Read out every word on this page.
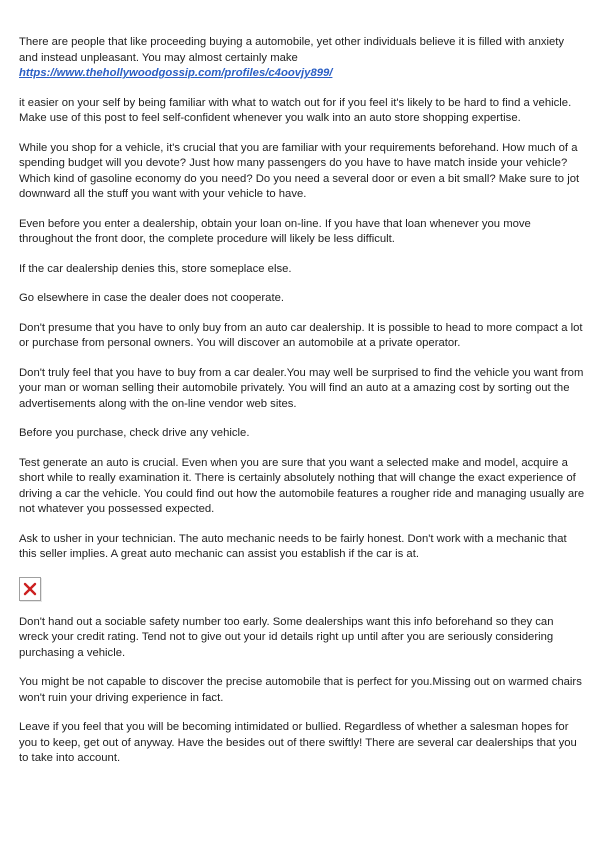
There are people that like proceeding buying a automobile, yet other individuals believe it is filled with anxiety and instead unpleasant. You may almost certainly make
https://www.thehollywoodgossip.com/profiles/c4oovjy899/

it easier on your self by being familiar with what to watch out for if you feel it's likely to be hard to find a vehicle. Make use of this post to feel self-confident whenever you walk into an auto store shopping expertise.

While you shop for a vehicle, it's crucial that you are familiar with your requirements beforehand. How much of a spending budget will you devote? Just how many passengers do you have to have match inside your vehicle? Which kind of gasoline economy do you need? Do you need a several door or even a bit small? Make sure to jot downward all the stuff you want with your vehicle to have.

Even before you enter a dealership, obtain your loan on-line. If you have that loan whenever you move throughout the front door, the complete procedure will likely be less difficult.

If the car dealership denies this, store someplace else.

Go elsewhere in case the dealer does not cooperate.

Don't presume that you have to only buy from an auto car dealership. It is possible to head to more compact a lot or purchase from personal owners. You will discover an automobile at a private operator.

Don't truly feel that you have to buy from a car dealer.You may well be surprised to find the vehicle you want from your man or woman selling their automobile privately. You will find an auto at a amazing cost by sorting out the advertisements along with the on-line vendor web sites.

Before you purchase, check drive any vehicle.

Test generate an auto is crucial. Even when you are sure that you want a selected make and model, acquire a short while to really examination it. There is certainly absolutely nothing that will change the exact experience of driving a car the vehicle. You could find out how the automobile features a rougher ride and managing usually are not whatever you possessed expected.

Ask to usher in your technician. The auto mechanic needs to be fairly honest. Don't work with a mechanic that this seller implies. A great auto mechanic can assist you establish if the car is at.

Don't hand out a sociable safety number too early. Some dealerships want this info beforehand so they can wreck your credit rating. Tend not to give out your id details right up until after you are seriously considering purchasing a vehicle.

You might be not capable to discover the precise automobile that is perfect for you.Missing out on warmed chairs won't ruin your driving experience in fact.

Leave if you feel that you will be becoming intimidated or bullied. Regardless of whether a salesman hopes for you to keep, get out of anyway. Have the besides out of there swiftly! There are several car dealerships that you to take into account.
